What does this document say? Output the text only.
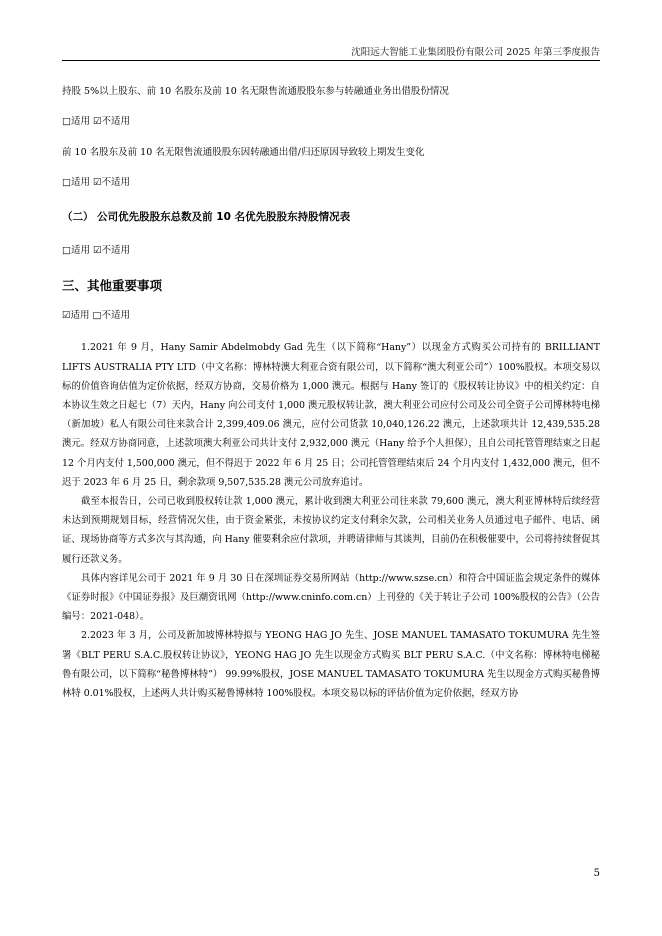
沈阳远大智能工业集团股份有限公司 2025 年第三季度报告

持股 5%以上股东、前 10 名股东及前 10 名无限售流通股股东参与转融通业务出借股份情况

□适用 ☑不适用

前 10 名股东及前 10 名无限售流通股股东因转融通出借/归还原因导致较上期发生变化

□适用 ☑不适用

（二） 公司优先股股东总数及前 10 名优先股股东持股情况表

□适用 ☑不适用

三、其他重要事项

☑适用 □不适用

1.2021 年 9 月，Hany Samir Abdelmobdy Gad 先生（以下简称“Hany”）以现金方式购买公司持有的 BRILLIANT LIFTS AUSTRALIA PTY LTD（中文名称：博林特澳大利亚合资有限公司，以下简称“澳大利亚公司”）100%股权。本项交易以标的价值咨询估值为定价依据，经双方协商，交易价格为 1,000 澳元。根据与 Hany 签订的《股权转让协议》中的相关约定：自本协议生效之日起七（7）天内，Hany 向公司支付 1,000 澳元股权转让款，澳大利亚公司应付公司及公司全资子公司博林特电梯（新加坡）私人有限公司往来款合计 2,399,409.06 澳元，应付公司货款 10,040,126.22 澳元，上述款项共计 12,439,535.28 澳元。经双方协商同意，上述款项澳大利亚公司共计支付 2,932,000 澳元（Hany 给予个人担保），且自公司托管管理结束之日起 12 个月内支付 1,500,000 澳元，但不得迟于 2022 年 6 月 25 日；公司托管管理结束后 24 个月内支付 1,432,000 澳元，但不迟于 2023 年 6 月 25 日，剩余款项 9,507,535.28 澳元公司放弃追讨。

截至本报告日，公司已收到股权转让款 1,000 澳元，累计收到澳大利亚公司往来款 79,600 澳元，澳大利亚博林特后续经营未达到预期规划目标，经营情况欠佳，由于资金紧张，未按协议约定支付剩余欠款，公司相关业务人员通过电子邮件、电话、函证、现场协商等方式多次与其沟通，向 Hany 催要剩余应付款项，并聘请律师与其谈判，目前仍在积极催要中，公司将持续督促其履行还款义务。

具体内容详见公司于 2021 年 9 月 30 日在深圳证券交易所网站（http://www.szse.cn）和符合中国证监会规定条件的媒体《证券时报》《中国证券报》及巨潮资讯网（http://www.cninfo.com.cn）上刊登的《关于转让子公司 100%股权的公告》（公告编号：2021-048）。

2.2023 年 3 月，公司及新加坡博林特拟与 YEONG HAG JO 先生、JOSE MANUEL TAMASATO TOKUMURA 先生签署《BLT PERU S.A.C.股权转让协议》，YEONG HAG JO 先生以现金方式购买 BLT PERU S.A.C.（中文名称：博林特电梯秘鲁有限公司，以下简称“秘鲁博林特”） 99.99%股权，JOSE MANUEL TAMASATO TOKUMURA 先生以现金方式购买秘鲁博林特 0.01%股权，上述两人共计购买秘鲁博林特 100%股权。本项交易以标的评估价值为定价依据，经双方协

5
